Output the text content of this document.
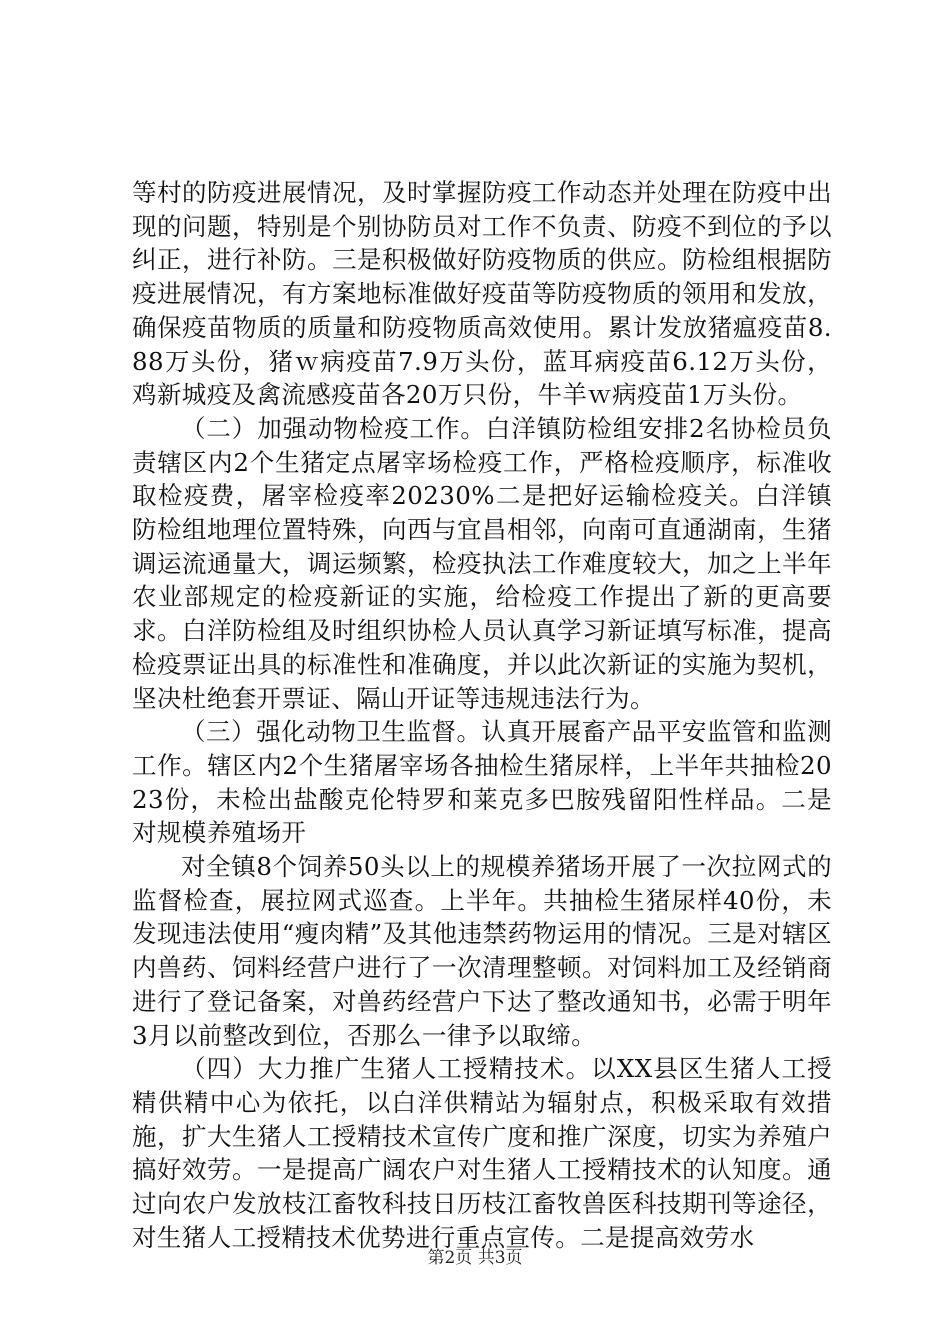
等村的防疫进展情况，及时掌握防疫工作动态并处理在防疫中出现的问题，特别是个别协防员对工作不负责、防疫不到位的予以纠正，进行补防。三是积极做好防疫物质的供应。防检组根据防疫进展情况，有方案地标准做好疫苗等防疫物质的领用和发放，确保疫苗物质的质量和防疫物质高效使用。累计发放猪瘟疫苗8.88万头份，猪ｗ病疫苗7.9万头份，蓝耳病疫苗6.12万头份，鸡新城疫及禽流感疫苗各20万只份，牛羊ｗ病疫苗1万头份。

（二）加强动物检疫工作。白洋镇防检组安排2名协检员负责辖区内2个生猪定点屠宰场检疫工作，严格检疫顺序，标准收取检疫费，屠宰检疫率20230%二是把好运输检疫关。白洋镇防检组地理位置特殊，向西与宜昌相邻，向南可直通湖南，生猪调运流通量大，调运频繁，检疫执法工作难度较大，加之上半年农业部规定的检疫新证的实施，给检疫工作提出了新的更高要求。白洋防检组及时组织协检人员认真学习新证填写标准，提高检疫票证出具的标准性和准确度，并以此次新证的实施为契机，坚决杜绝套开票证、隔山开证等违规违法行为。

（三）强化动物卫生监督。认真开展畜产品平安监管和监测工作。辖区内2个生猪屠宰场各抽检生猪尿样，上半年共抽检2023份，未检出盐酸克伦特罗和莱克多巴胺残留阳性样品。二是对规模养殖场开

对全镇8个饲养50头以上的规模养猪场开展了一次拉网式的监督检查，展拉网式巡查。上半年。共抽检生猪尿样40份，未发现违法使用“瘦肉精”及其他违禁药物运用的情况。三是对辖区内兽药、饲料经营户进行了一次清理整顿。对饲料加工及经销商进行了登记备案，对兽药经营户下达了整改通知书，必需于明年3月以前整改到位，否那么一律予以取缔。

（四）大力推广生猪人工授精技术。以XX县区生猪人工授精供精中心为依托，以白洋供精站为辐射点，积极采取有效措施，扩大生猪人工授精技术宣传广度和推广深度，切实为养殖户搞好效劳。一是提高广阔农户对生猪人工授精技术的认知度。通过向农户发放枝江畜牧科技日历枝江畜牧兽医科技期刊等途径，对生猪人工授精技术优势进行重点宣传。二是提高效劳水

第2页 共3页
